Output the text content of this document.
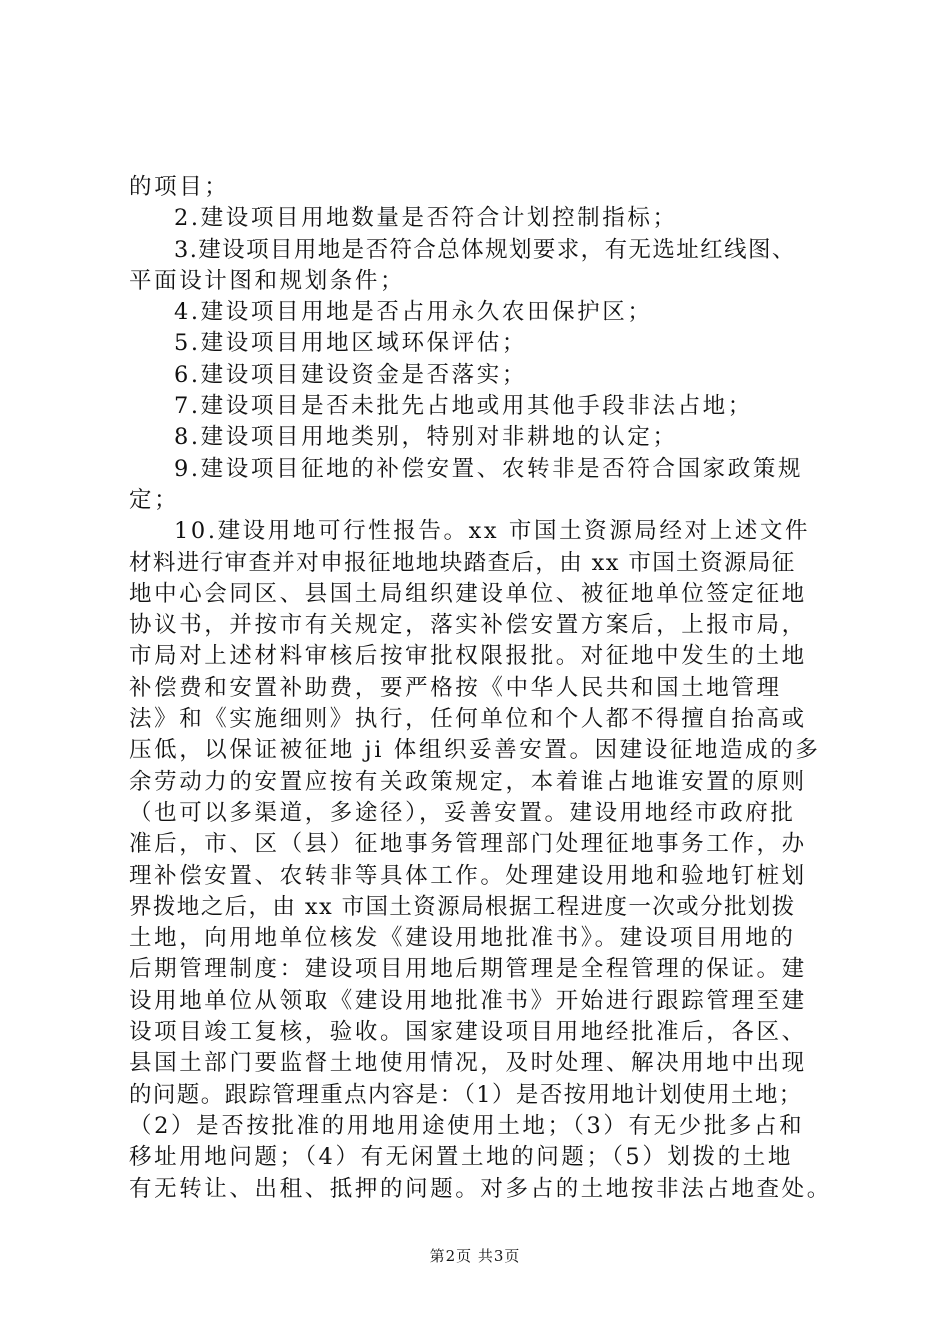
的项目；
2.建设项目用地数量是否符合计划控制指标；
3.建设项目用地是否符合总体规划要求，有无选址红线图、
平面设计图和规划条件；
4.建设项目用地是否占用永久农田保护区；
5.建设项目用地区域环保评估；
6.建设项目建设资金是否落实；
7.建设项目是否未批先占地或用其他手段非法占地；
8.建设项目用地类别，特别对非耕地的认定；
9.建设项目征地的补偿安置、农转非是否符合国家政策规
定；
10.建设用地可行性报告。xx 市国土资源局经对上述文件
材料进行审查并对申报征地地块踏查后，由 xx 市国土资源局征
地中心会同区、县国土局组织建设单位、被征地单位签定征地
协议书，并按市有关规定，落实补偿安置方案后，上报市局，
市局对上述材料审核后按审批权限报批。对征地中发生的土地
补偿费和安置补助费，要严格按《中华人民共和国土地管理
法》和《实施细则》执行，任何单位和个人都不得擅自抬高或
压低，以保证被征地 ji 体组织妥善安置。因建设征地造成的多
余劳动力的安置应按有关政策规定，本着谁占地谁安置的原则
（也可以多渠道，多途径），妥善安置。建设用地经市政府批
准后，市、区（县）征地事务管理部门处理征地事务工作，办
理补偿安置、农转非等具体工作。处理建设用地和验地钉桩划
界拨地之后，由 xx 市国土资源局根据工程进度一次或分批划拨
土地，向用地单位核发《建设用地批准书》。建设项目用地的
后期管理制度：建设项目用地后期管理是全程管理的保证。建
设用地单位从领取《建设用地批准书》开始进行跟踪管理至建
设项目竣工复核，验收。国家建设项目用地经批准后，各区、
县国土部门要监督土地使用情况，及时处理、解决用地中出现
的问题。跟踪管理重点内容是：（1）是否按用地计划使用土地；
（2）是否按批准的用地用途使用土地；（3）有无少批多占和
移址用地问题；（4）有无闲置土地的问题；（5）划拨的土地
有无转让、出租、抵押的问题。对多占的土地按非法占地查处。
第2页 共3页
